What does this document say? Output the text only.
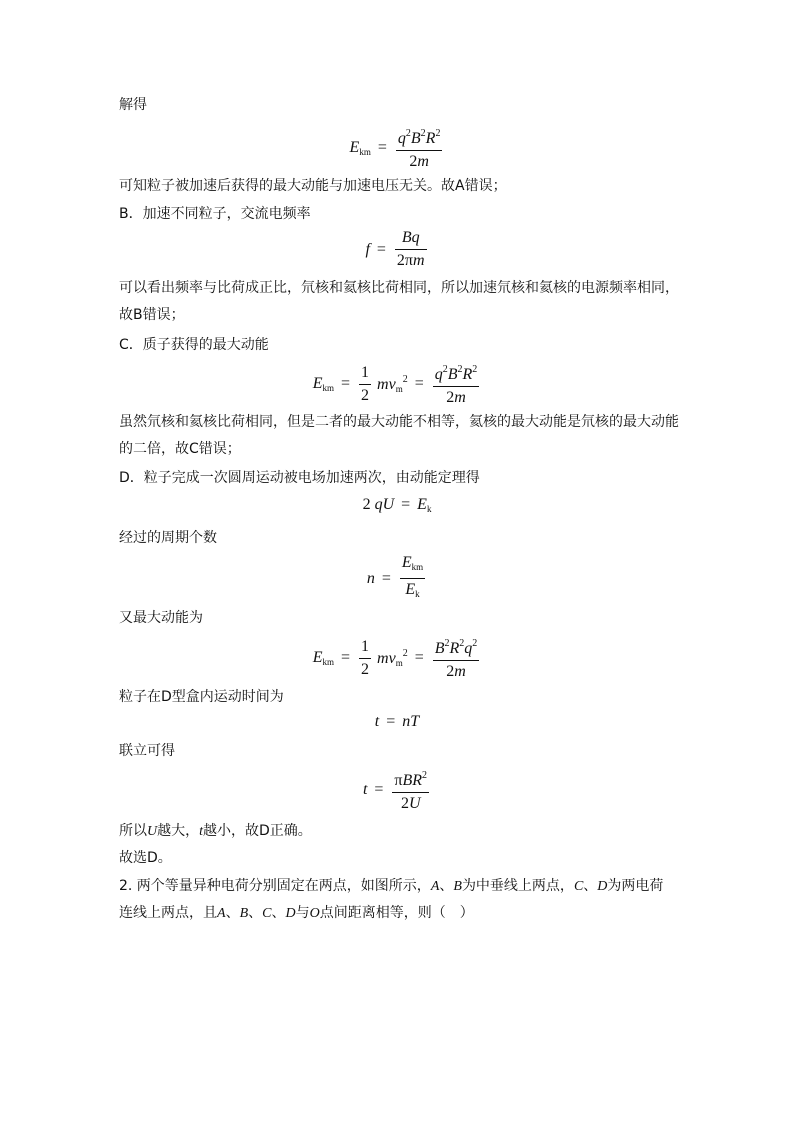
解得
$E_{km} = \frac{q^2B^2R^2}{2m}$
可知粒子被加速后获得的最大动能与加速电压无关。故A错误；
B．加速不同粒子，交流电频率
$f = \frac{Bq}{2\pi m}$
可以看出频率与比荷成正比，氘核和氦核比荷相同，所以加速氘核和氦核的电源频率相同，故B错误；
C．质子获得的最大动能
$E_{km} = \frac{1}{2} mv_m^2 = \frac{q^2B^2R^2}{2m}$
虽然氘核和氦核比荷相同，但是二者的最大动能不相等，氦核的最大动能是氘核的最大动能的二倍，故C错误；
D．粒子完成一次圆周运动被电场加速两次，由动能定理得
2 qU = $E_k$
经过的周期个数
$n = \frac{E_{km}}{E_k}$
又最大动能为
$E_{km} = \frac{1}{2} mv_m^2 = \frac{B^2R^2q^2}{2m}$
粒子在D型盒内运动时间为
t = nT
联立可得
$t = \frac{\pi BR^2}{2U}$
所以U越大，t越小，故D正确。
故选D。
2. 两个等量异种电荷分别固定在两点，如图所示，A、B为中垂线上两点，C、D为两电荷
连线上两点，且A、B、C、D与O点间距离相等，则（　）
